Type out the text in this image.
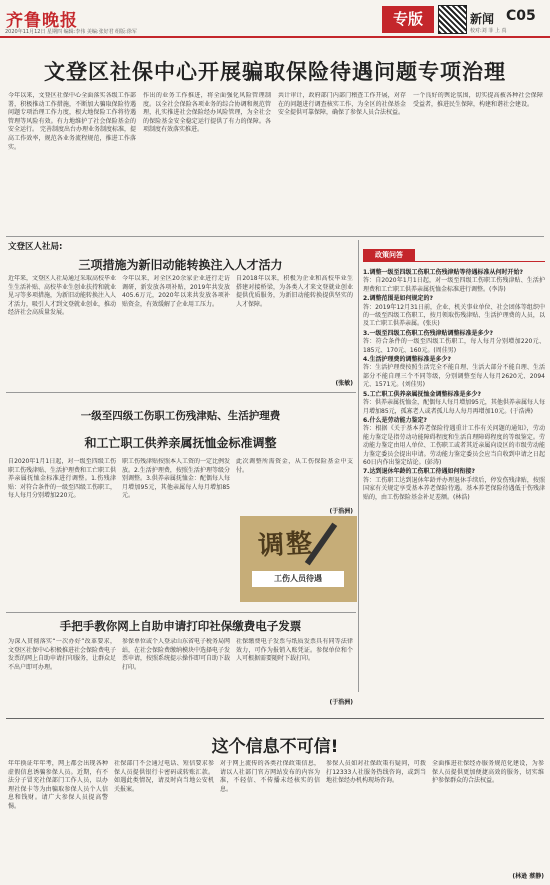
齐鲁晚报
2020年11月12日 星期四 编辑:李伟 美编:张好君 组版:徐军
专版	新闻 C05
校对:刘 菲 上 真
文登区社保中心开展骗取保险待遇问题专项治理
今年以来，文登区社保中心全面落实各级工作部署，积极推动工作措施，不断加大骗取保险待遇问题专项治理工作力度，根大地保险工作将待遇管理等风险有效。有力地维护了社会保险基金的安全运行。 完善制度出台办理业务制度标准，提高工作效率，规范各业务流程规范，推进工作落实。
作出的业务工作推进，将全面强化风险管理制度。以全社会保险各项业务的综合协调和规范管理，扎实推进社会保险经办风险管理，为全社会的保险基金安全稳定运行提供了有力的保障。各项制度有效落实推进。
共计审计，政府部门内部门稽查工作开展，对存在的问题进行调查核实工作，为全区的社保基金安全提供可靠保障，确保了参保人员合法权益。
一个良好的舆论氛围，切实提高被各种社会保障受益者，推进民生保障，构建和谐社会建设。
文登区人社局:
三项措施为新旧动能转换注入人才活力
近年来，文登区人社局通过采取高校毕业生生活补贴、高校毕业生创业扶持和就业见习等多项措施，为新旧动能转换注入人才活力，吸引人才到文登就业创业，推动经济社会高质量发展。
今年以来，对全区20余家企业进行走访调研，新发放各项补贴，2019年共发放405.6万元，2020年以来共发放各项补贴资金，有效缓解了企业用工压力。
自2018年以来，积极为企业和高校毕业生搭建对接桥梁，为各类人才来文登就业创业提供优质服务，为新旧动能转换提供坚实的人才保障。
(张敏)
一级至四级工伤职工伤残津贴、生活护理费
和工亡职工供养亲属抚恤金标准调整
自2020年1月1日起，对一级至四级工伤职工伤残津贴、生活护理费和工亡职工供养亲属抚恤金标准进行调整。1.伤残津贴：对符合条件的一级至四级工伤职工，每人每月分别增加220元。
职工伤残津贴按照本人工资的一定比例发放。2.生活护理费，按照生活护理等级分别调整。3.供养亲属抚恤金：配偶每人每月增加95元，其他亲属每人每月增加85元。
此次调整所需资金，从工伤保险基金中支付。
(于浩洲)
调整
工伤人员待遇
手把手教你网上自助申请打印社保缴费电子发票
为深入贯彻落实“一次办好”改革要求，文登区社保中心积极推进社会保险费电子发票的网上自助申请打印服务，让群众足不出户即可办理。
参保单位或个人登录山东省电子税务局网站，在社会保险费缴纳模块中选择电子发票申请，按照系统提示操作即可自助下载打印。
社保缴费电子发票与纸质发票具有同等法律效力，可作为报销入账凭证。参保单位和个人可根据需要随时下载打印。
(于浩洲)
政策问答

1.调整一级至四级工伤职工伤残津贴等待遇标准从何时开始?

答：自2020年1月1日起，对一级至四级工伤职工伤残津贴、生活护理费和工亡职工供养亲属抚恤金标准进行调整。(李涛)

2.调整范围是如何规定的?

答：2019年12月31日前，企业、机关事业单位、社会团体等组织中的一级至四级工伤职工，按月领取伤残津贴、生活护理费的人员，以及工亡职工供养亲属。(张庆)

3.一级至四级工伤职工伤残津贴调整标准是多少?

答：符合条件的一级至四级工伤职工，每人每月分别增加220元、185元、170元、160元。(周佳男)

4.生活护理费的调整标准是多少?

答：生活护理费按照生活完全不能自理、生活大部分不能自理、生活部分不能自理三个不同等级，分别调整至每人每月2620元、2094元、1571元。(刘佳男)

5.工亡职工供养亲属抚恤金调整标准是多少?

答：供养亲属抚恤金，配偶每人每月增加95元，其他供养亲属每人每月增加85元，孤寡老人或者孤儿每人每月再增加10元。(于浩洲)

6.什么是劳动能力鉴定?

答：根据《关于基本养老保险待遇重计工作有关问题的通知》，劳动能力鉴定是指劳动功能障碍程度和生活自理障碍程度的等级鉴定。劳动能力鉴定由用人单位、工伤职工或者其近亲属向设区的市级劳动能力鉴定委员会提出申请。劳动能力鉴定委员会应当自收到申请之日起60日内作出鉴定结论。(彭涛)

7.达到退休年龄的工伤职工待遇如何衔接?

答：工伤职工达到退休年龄并办理退休手续后，停发伤残津贴，按照国家有关规定享受基本养老保险待遇。基本养老保险待遇低于伤残津贴的，由工伤保险基金补足差额。(林浩)

这个信息不可信!
年年换证年年考，网上都会出现各种虚假信息诱骗参保人员。近期，有不法分子冒充社保部门工作人员，以办理社保卡等为由骗取参保人员个人信息和钱财。请广大参保人员提高警惕。
社保部门不会通过电话、短信要求参保人员提供银行卡密码或转账汇款。如遇此类情况，请及时向当地公安机关报案。
对于网上流传的各类社保政策信息，请以人社部门官方网站发布的内容为准，不轻信、不传播未经核实的信息。
参保人员如对社保政策有疑问，可拨打12333人社服务热线咨询，或到当地社保经办机构现场咨询。
全面推进社保经办服务规范化建设，为参保人员提供更加便捷高效的服务，切实维护参保群众的合法权益。
(林逊 蔡静)
